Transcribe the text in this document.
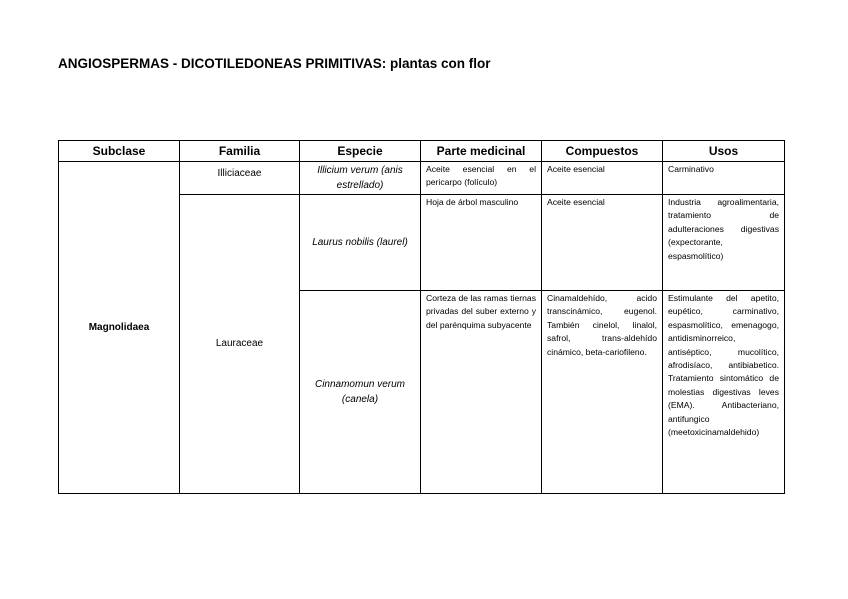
ANGIOSPERMAS - DICOTILEDONEAS PRIMITIVAS: plantas con flor
Subclase	Familia	Especie	Parte medicinal	Compuestos	Usos
Magnolidaea	Illiciaceae	Illicium verum (anis estrellado)	Aceite esencial en el pericarpo (folículo)	Aceite esencial	Carminativo
	Lauraceae	Laurus nobilis (laurel)	Hoja de árbol masculino	Aceite esencial	Industria agroalimentaria, tratamiento de adulteraciones digestivas (expectorante, espasmolítico)
		Cinnamomun verum (canela)	Corteza de las ramas tiernas privadas del suber externo y del parénquima subyacente	Cinamaldehído, acido transcinámico, eugenol. También cinelol, linalol, safrol, trans-aldehído cinámico, beta-cariofileno.	Estimulante del apetito, eupético, carminativo, espasmolítico, emenagogo, antidisminorreico, antiséptico, mucolítico, afrodisíaco, antibiabetico. Tratamiento sintomático de molestias digestivas leves (EMA). Antibacteriano, antifungico (meetoxicinamaldehido)
